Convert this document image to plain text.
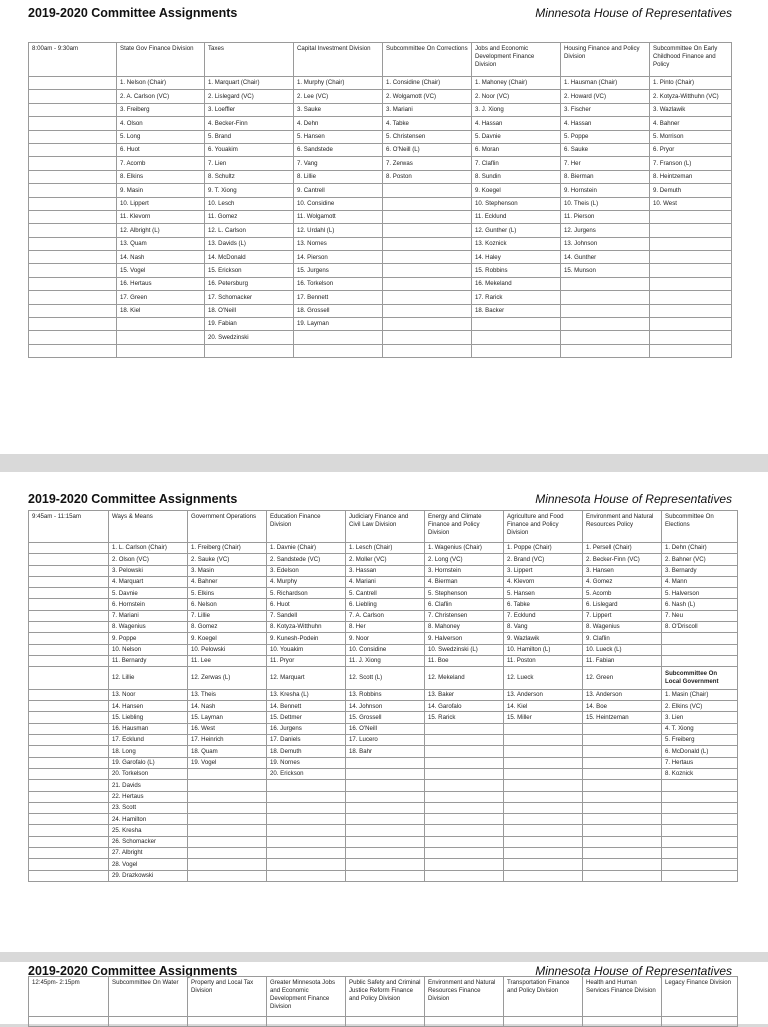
2019-2020 Committee Assignments	Minnesota House of Representatives
8:00am - 9:30am	State Gov Finance Division	Taxes	Capital Investment Division	Subcommittee On Corrections	Jobs and Economic Development Finance Division	Housing Finance and Policy Division	Subcommittee On Early Childhood Finance and Policy
	1. Nelson (Chair)	1. Marquart (Chair)	1. Murphy (Chair)	1. Considine (Chair)	1. Mahoney (Chair)	1. Hausman (Chair)	1. Pinto (Chair)
	2. A. Carlson (VC)	2. Lislegard (VC)	2. Lee (VC)	2. Wolgamott (VC)	2. Noor (VC)	2. Howard (VC)	2. Kotyza-Witthuhn (VC)
	3. Freiberg	3. Loeffler	3. Sauke	3. Mariani	3. J. Xiong	3. Fischer	3. Wazlawik
	4. Olson	4. Becker-Finn	4. Dehn	4. Tabke	4. Hassan	4. Hassan	4. Bahner
	5. Long	5. Brand	5. Hansen	5. Christensen	5. Davnie	5. Poppe	5. Morrison
	6. Huot	6. Youakim	6. Sandstede	6. O'Neill (L)	6. Moran	6. Sauke	6. Pryor
	7. Acomb	7. Lien	7. Vang	7. Zerwas	7. Claflin	7. Her	7. Franson (L)
	8. Elkins	8. Schultz	8. Lillie	8. Poston	8. Sundin	8. Bierman	8. Heintzeman
	9. Masin	9. T. Xiong	9. Cantrell		9. Koegel	9. Hornstein	9. Demuth
	10. Lippert	10. Lesch	10. Considine		10. Stephenson	10. Theis (L)	10. West
	11. Klevorn	11. Gomez	11. Wolgamott		11. Ecklund	11. Pierson	
	12. Albright (L)	12. L. Carlson	12. Urdahl (L)		12. Gunther (L)	12. Jurgens	
	13. Quam	13. Davids (L)	13. Nornes		13. Koznick	13. Johnson	
	14. Nash	14. McDonald	14. Pierson		14. Haley	14. Gunther	
	15. Vogel	15. Erickson	15. Jurgens		15. Robbins	15. Munson	
	16. Hertaus	16. Petersburg	16. Torkelson		16. Mekeland		
	17. Green	17. Schomacker	17. Bennett		17. Rarick		
	18. Kiel	18. O'Neill	18. Grossell		18. Backer		
		19. Fabian	19. Layman				
		20. Swedzinski					

2019-2020 Committee Assignments	Minnesota House of Representatives
9:45am - 11:15am	Ways & Means	Government Operations	Education Finance Division	Judiciary Finance and Civil Law Division	Energy and Climate Finance and Policy Division	Agriculture and Food Finance and Policy Division	Environment and Natural Resources Policy	Subcommittee On Elections
	1. L. Carlson (Chair)	1. Freiberg (Chair)	1. Davnie (Chair)	1. Lesch (Chair)	1. Wagenius (Chair)	1. Poppe (Chair)	1. Persell (Chair)	1. Dehn (Chair)
	2. Olson (VC)	2. Sauke (VC)	2. Sandstede (VC)	2. Moller (VC)	2. Long (VC)	2. Brand (VC)	2. Becker-Finn (VC)	2. Bahner (VC)
	3. Pelowski	3. Masin	3. Edelson	3. Hassan	3. Hornstein	3. Lippert	3. Hansen	3. Bernardy
	4. Marquart	4. Bahner	4. Murphy	4. Mariani	4. Bierman	4. Klevorn	4. Gomez	4. Mann
	5. Davnie	5. Elkins	5. Richardson	5. Cantrell	5. Stephenson	5. Hansen	5. Acomb	5. Halverson
	6. Hornstein	6. Nelson	6. Huot	6. Liebling	6. Claflin	6. Tabke	6. Lislegard	6. Nash (L)
	7. Mariani	7. Lillie	7. Sandell	7. A. Carlson	7. Christensen	7. Ecklund	7. Lippert	7. Neu
	8. Wagenius	8. Gomez	8. Kotyza-Witthuhn	8. Her	8. Mahoney	8. Vang	8. Wagenius	8. O'Driscoll
	9. Poppe	9. Koegel	9. Kunesh-Podein	9. Noor	9. Halverson	9. Wazlawik	9. Claflin	
	10. Nelson	10. Pelowski	10. Youakim	10. Considine	10. Swedzinski (L)	10. Hamilton (L)	10. Lueck (L)	
	11. Bernardy	11. Lee	11. Pryor	11. J. Xiong	11. Boe	11. Poston	11. Fabian	
	12. Lillie	12. Zerwas (L)	12. Marquart	12. Scott (L)	12. Mekeland	12. Lueck	12. Green	Subcommittee On Local Government
	13. Noor	13. Theis	13. Kresha (L)	13. Robbins	13. Baker	13. Anderson	13. Anderson	1. Masin (Chair)
	14. Hansen	14. Nash	14. Bennett	14. Johnson	14. Garofalo	14. Kiel	14. Boe	2. Elkins (VC)
	15. Liebling	15. Layman	15. Dettmer	15. Grossell	15. Rarick	15. Miller	15. Heintzeman	3. Lien
	16. Hausman	16. West	16. Jurgens	16. O'Neill				4. T. Xiong
	17. Ecklund	17. Heinrich	17. Daniels	17. Lucero				5. Freiberg
	18. Long	18. Quam	18. Demuth	18. Bahr				6. McDonald (L)
	19. Garofalo (L)	19. Vogel	19. Nornes					7. Hertaus
	20. Torkelson		20. Erickson					8. Koznick
	21. Davids							
	22. Hertaus							
	23. Scott							
	24. Hamilton							
	25. Kresha							
	26. Schomacker							
	27. Albright							
	28. Vogel							
	29. Drazkowski							
2019-2020 Committee Assignments	Minnesota House of Representatives
12:45pm- 2:15pm	Subcommittee On Water	Property and Local Tax Division	Greater Minnesota Jobs and Economic Development Finance Division	Public Safety and Criminal Justice Reform Finance and Policy Division	Environment and Natural Resources Finance Division	Transportation Finance and Policy Division	Health and Human Services Finance Division	Legacy Finance Division
